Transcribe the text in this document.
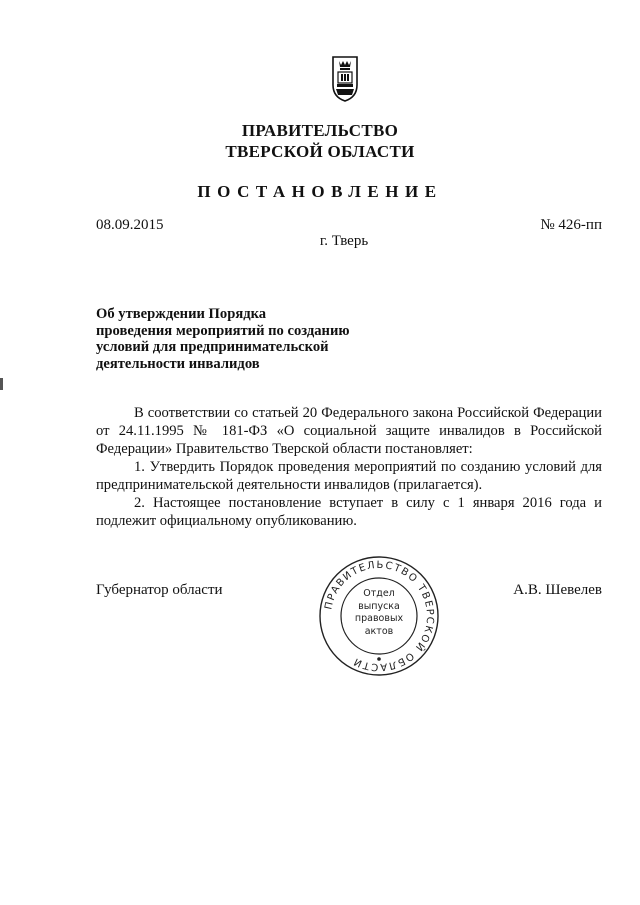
ПРАВИТЕЛЬСТВО
ТВЕРСКОЙ ОБЛАСТИ
ПОСТАНОВЛЕНИЕ
08.09.2015	№ 426-пп
г. Тверь
Об утверждении Порядка
проведения мероприятий по созданию
условий для предпринимательской
деятельности инвалидов

В соответствии со статьей 20 Федерального закона Российской Федерации от 24.11.1995 № 181-ФЗ «О социальной защите инвалидов в Российской Федерации» Правительство Тверской области постановляет:

1. Утвердить Порядок проведения мероприятий по созданию условий для предпринимательской деятельности инвалидов (прилагается).

2. Настоящее постановление вступает в силу с 1 января 2016 года и подлежит официальному опубликованию.

Губернатор области	А.В. Шевелев
ПРАВИТЕЛЬСТВО ТВЕРСКОЙ ОБЛАСТИ
Отдел
выпуска
правовых
актов
